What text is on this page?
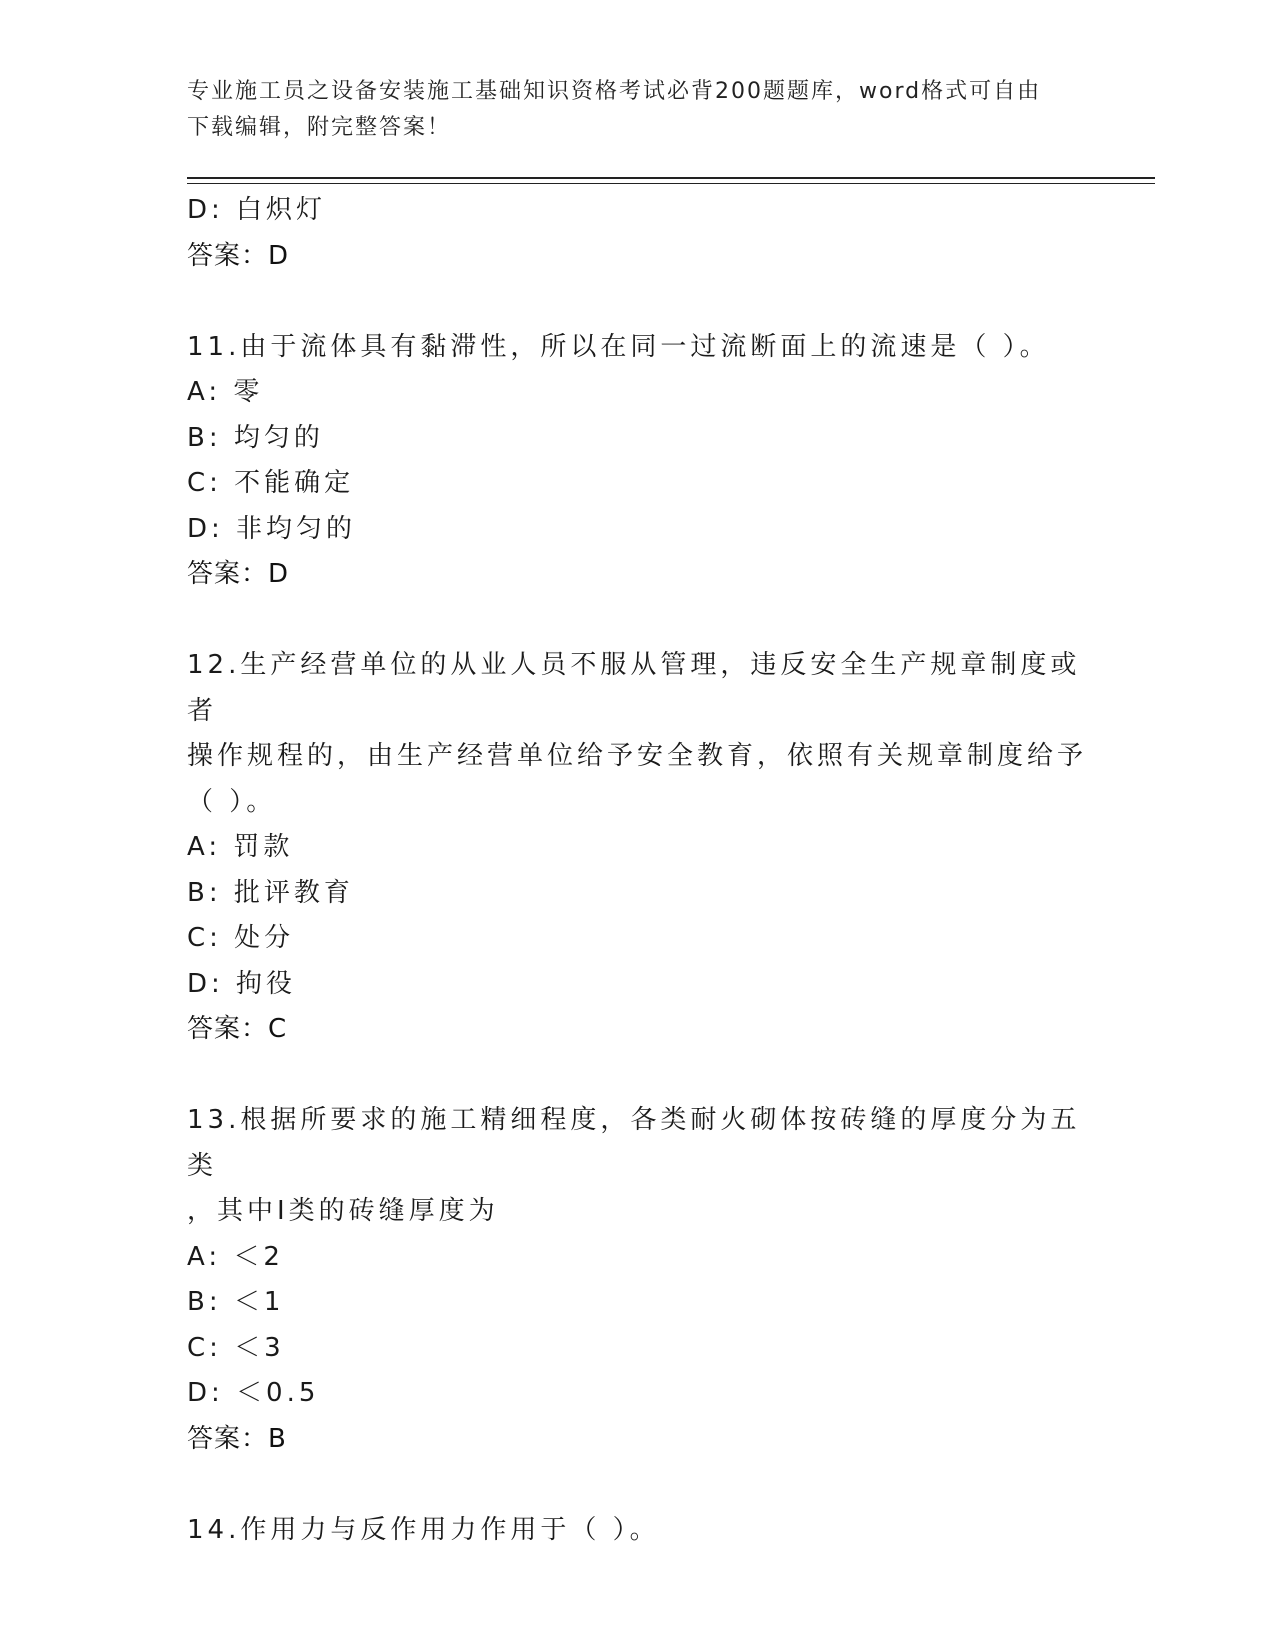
专业施工员之设备安装施工基础知识资格考试必背200题题库，word格式可自由
下载编辑，附完整答案！
D: 白炽灯
答案：D
11.由于流体具有黏滞性，所以在同一过流断面上的流速是（ ）。
A: 零
B: 均匀的
C: 不能确定
D: 非均匀的
答案：D
12.生产经营单位的从业人员不服从管理，违反安全生产规章制度或者
操作规程的，由生产经营单位给予安全教育，依照有关规章制度给予
（ ）。
A: 罚款
B: 批评教育
C: 处分
D: 拘役
答案：C
13.根据所要求的施工精细程度，各类耐火砌体按砖缝的厚度分为五类
，其中Ⅰ类的砖缝厚度为
A: ＜2
B: ＜1
C: ＜3
D: ＜0.5
答案：B
14.作用力与反作用力作用于（ ）。
